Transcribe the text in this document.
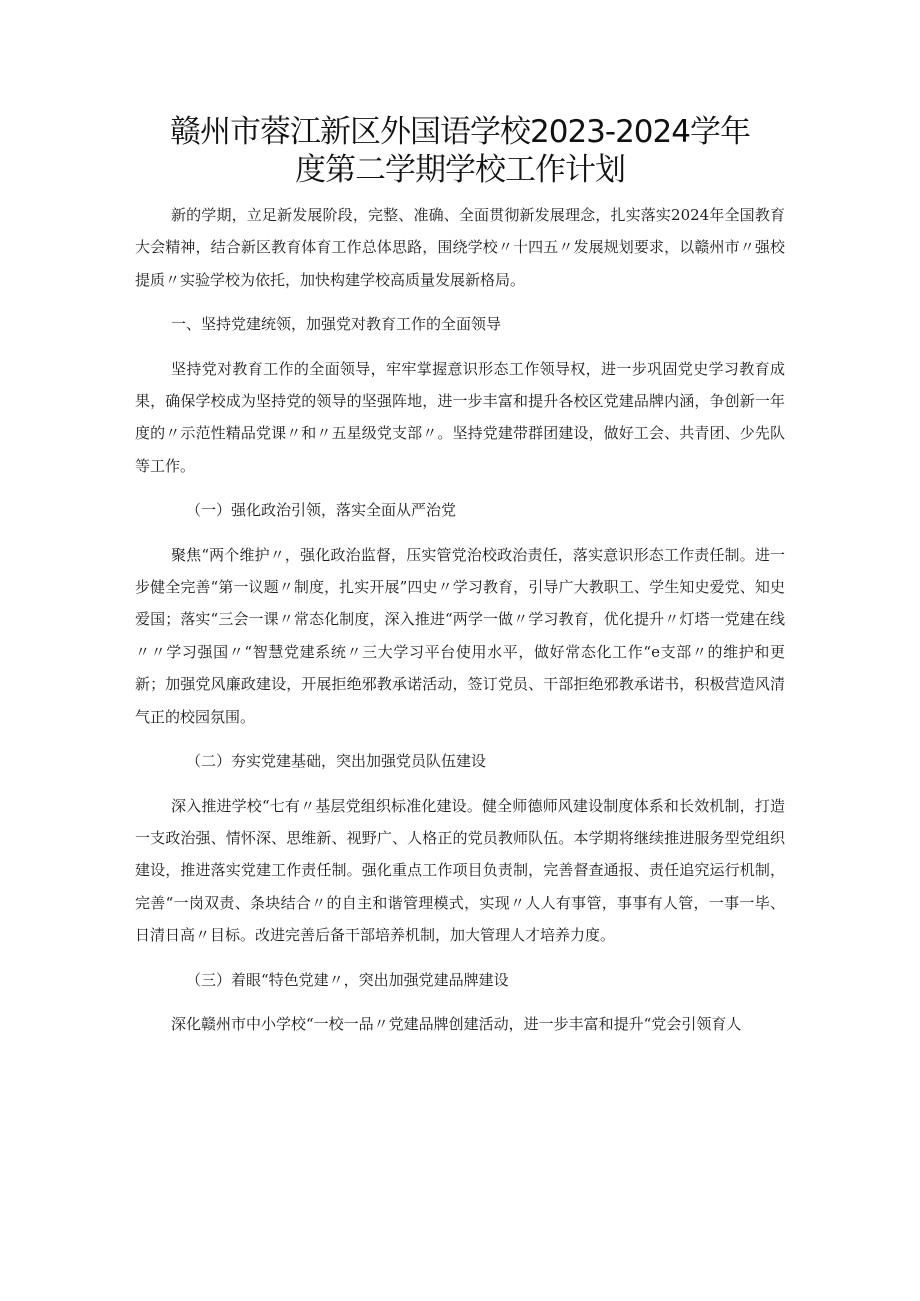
赣州市蓉江新区外国语学校2023-2024学年
度第二学期学校工作计划

新的学期，立足新发展阶段，完整、准确、全面贯彻新发展理念，扎实落实2024年全国教育大会精神，结合新区教育体育工作总体思路，围绕学校〃十四五〃发展规划要求，以赣州市〃强校提质〃实验学校为依托，加快构建学校高质量发展新格局。

一、坚持党建统领，加强党对教育工作的全面领导

坚持党对教育工作的全面领导，牢牢掌握意识形态工作领导权，进一步巩固党史学习教育成果，确保学校成为坚持党的领导的坚强阵地，进一步丰富和提升各校区党建品牌内涵，争创新一年度的〃示范性精品党课〃和〃五星级党支部〃。坚持党建带群团建设，做好工会、共青团、少先队等工作。

（一）强化政治引领，落实全面从严治党

聚焦“两个维护〃，强化政治监督，压实管党治校政治责任，落实意识形态工作责任制。进一步健全完善“第一议题〃制度，扎实开展”四史〃学习教育，引导广大教职工、学生知史爱党、知史爱国；落实“三会一课〃常态化制度，深入推进“两学一做〃学习教育，优化提升〃灯塔一党建在线〃〃学习强国〃“智慧党建系统〃三大学习平台使用水平，做好常态化工作“e支部〃的维护和更新；加强党风廉政建设，开展拒绝邪教承诺活动，签订党员、干部拒绝邪教承诺书，积极营造风清气正的校园氛围。

（二）夯实党建基础，突出加强党员队伍建设

深入推进学校“七有〃基层党组织标准化建设。健全师德师风建设制度体系和长效机制，打造一支政治强、情怀深、思维新、视野广、人格正的党员教师队伍。本学期将继续推进服务型党组织建设，推进落实党建工作责任制。强化重点工作项目负责制，完善督查通报、责任追究运行机制，完善“一岗双责、条块结合〃的自主和谐管理模式，实现〃人人有事管，事事有人管，一事一毕、日清日高〃目标。改进完善后备干部培养机制，加大管理人才培养力度。

（三）着眼“特色党建〃，突出加强党建品牌建设

深化赣州市中小学校“一校一品〃党建品牌创建活动，进一步丰富和提升“党会引领育人
